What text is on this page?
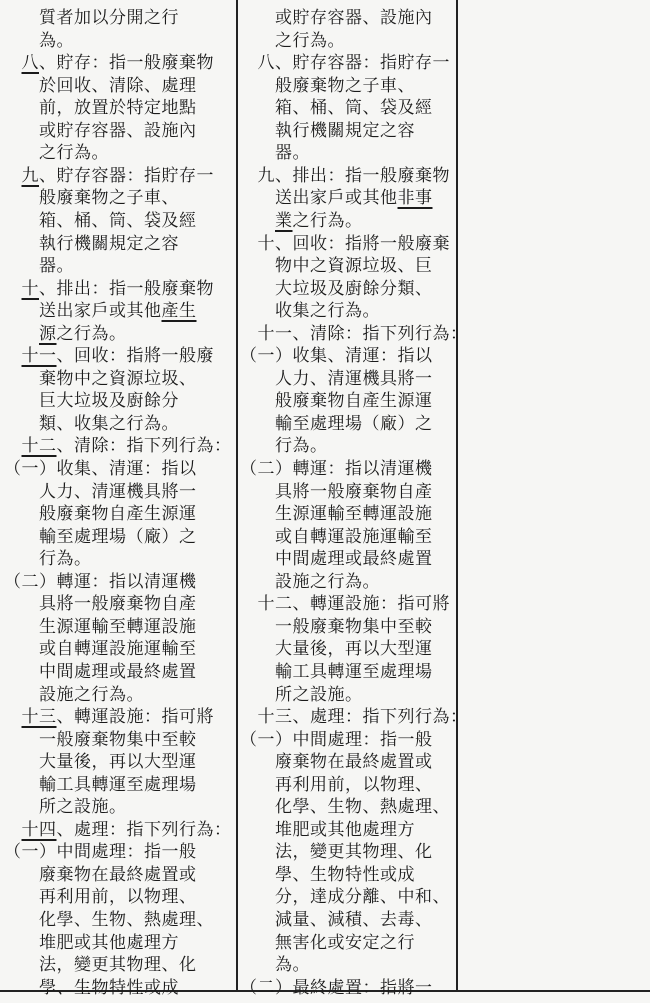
　　質者加以分開之行
　　為。
　八、貯存：指一般廢棄物
　　於回收、清除、處理
　　前，放置於特定地點
　　或貯存容器、設施內
　　之行為。
　九、貯存容器：指貯存一
　　般廢棄物之子車、
　　箱、桶、筒、袋及經
　　執行機關規定之容
　　器。
　十、排出：指一般廢棄物
　　送出家戶或其他產生
　　源之行為。
　十一、回收：指將一般廢
　　棄物中之資源垃圾、
　　巨大垃圾及廚餘分
　　類、收集之行為。
　十二、清除：指下列行為：
（一）收集、清運：指以
　　人力、清運機具將一
　　般廢棄物自產生源運
　　輸至處理場（廠）之
　　行為。
（二）轉運：指以清運機
　　具將一般廢棄物自產
　　生源運輸至轉運設施
　　或自轉運設施運輸至
　　中間處理或最終處置
　　設施之行為。
　十三、轉運設施：指可將
　　一般廢棄物集中至較
　　大量後，再以大型運
　　輸工具轉運至處理場
　　所之設施。
　十四、處理：指下列行為：
（一）中間處理：指一般
　　廢棄物在最終處置或
　　再利用前，以物理、
　　化學、生物、熱處理、
　　堆肥或其他處理方
　　法，變更其物理、化
　　學、生物特性或成
　　或貯存容器、設施內
　　之行為。
　八、貯存容器：指貯存一
　　般廢棄物之子車、
　　箱、桶、筒、袋及經
　　執行機關規定之容
　　器。
　九、排出：指一般廢棄物
　　送出家戶或其他非事
　　業之行為。
　十、回收：指將一般廢棄
　　物中之資源垃圾、巨
　　大垃圾及廚餘分類、
　　收集之行為。
　十一、清除：指下列行為：
（一）收集、清運：指以
　　人力、清運機具將一
　　般廢棄物自產生源運
　　輸至處理場（廠）之
　　行為。
（二）轉運：指以清運機
　　具將一般廢棄物自產
　　生源運輸至轉運設施
　　或自轉運設施運輸至
　　中間處理或最終處置
　　設施之行為。
　十二、轉運設施：指可將
　　一般廢棄物集中至較
　　大量後，再以大型運
　　輸工具轉運至處理場
　　所之設施。
　十三、處理：指下列行為：
（一）中間處理：指一般
　　廢棄物在最終處置或
　　再利用前，以物理、
　　化學、生物、熱處理、
　　堆肥或其他處理方
　　法，變更其物理、化
　　學、生物特性或成
　　分，達成分離、中和、
　　減量、減積、去毒、
　　無害化或安定之行
　　為。
（二）最終處置：指將一
